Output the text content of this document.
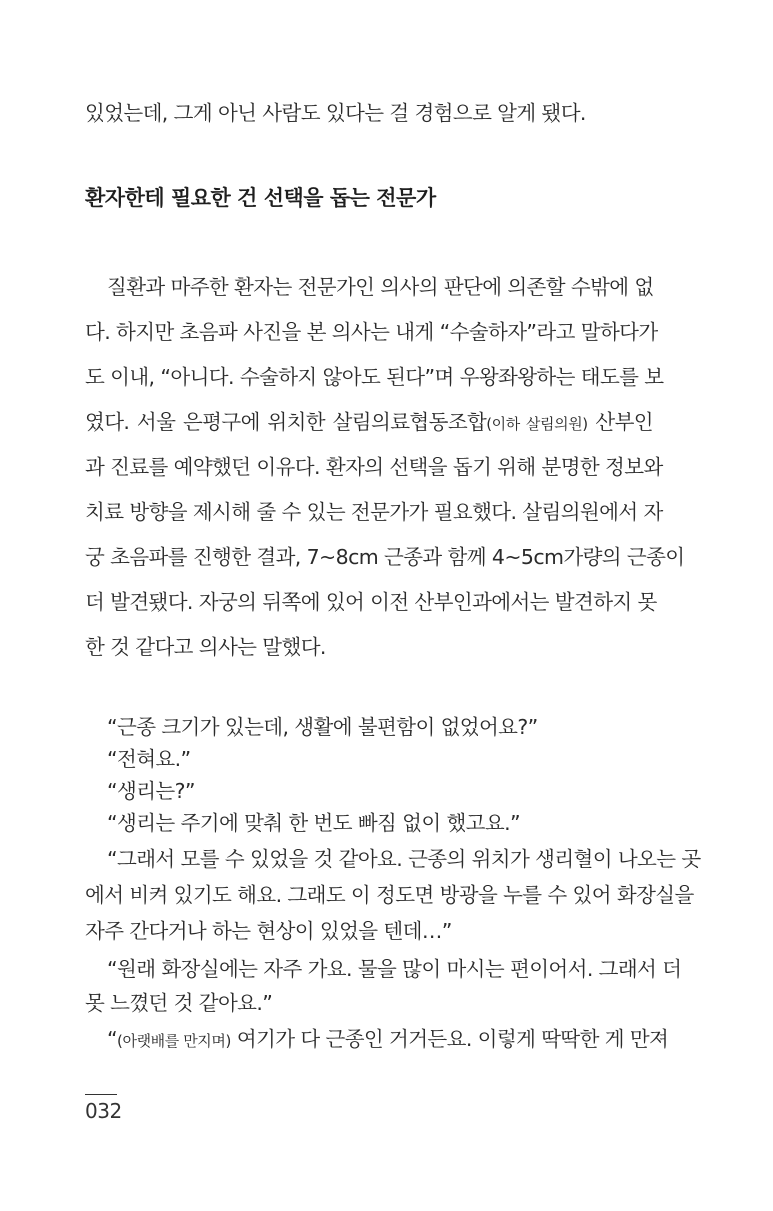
있었는데, 그게 아닌 사람도 있다는 걸 경험으로 알게 됐다.
환자한테 필요한 건 선택을 돕는 전문가
질환과 마주한 환자는 전문가인 의사의 판단에 의존할 수밖에 없
다. 하지만 초음파 사진을 본 의사는 내게 “수술하자”라고 말하다가
도 이내, “아니다. 수술하지 않아도 된다”며 우왕좌왕하는 태도를 보
였다. 서울 은평구에 위치한 살림의료협동조합(이하 살림의원) 산부인
과 진료를 예약했던 이유다. 환자의 선택을 돕기 위해 분명한 정보와
치료 방향을 제시해 줄 수 있는 전문가가 필요했다. 살림의원에서 자
궁 초음파를 진행한 결과, 7~8cm 근종과 함께 4~5cm가량의 근종이
더 발견됐다. 자궁의 뒤쪽에 있어 이전 산부인과에서는 발견하지 못
한 것 같다고 의사는 말했다.
“근종 크기가 있는데, 생활에 불편함이 없었어요?”
“전혀요.”
“생리는?”
“생리는 주기에 맞춰 한 번도 빠짐 없이 했고요.”
“그래서 모를 수 있었을 것 같아요. 근종의 위치가 생리혈이 나오는 곳
에서 비켜 있기도 해요. 그래도 이 정도면 방광을 누를 수 있어 화장실을
자주 간다거나 하는 현상이 있었을 텐데…”
“원래 화장실에는 자주 가요. 물을 많이 마시는 편이어서. 그래서 더
못 느꼈던 것 같아요.”
“(아랫배를 만지며) 여기가 다 근종인 거거든요. 이렇게 딱딱한 게 만져
032
